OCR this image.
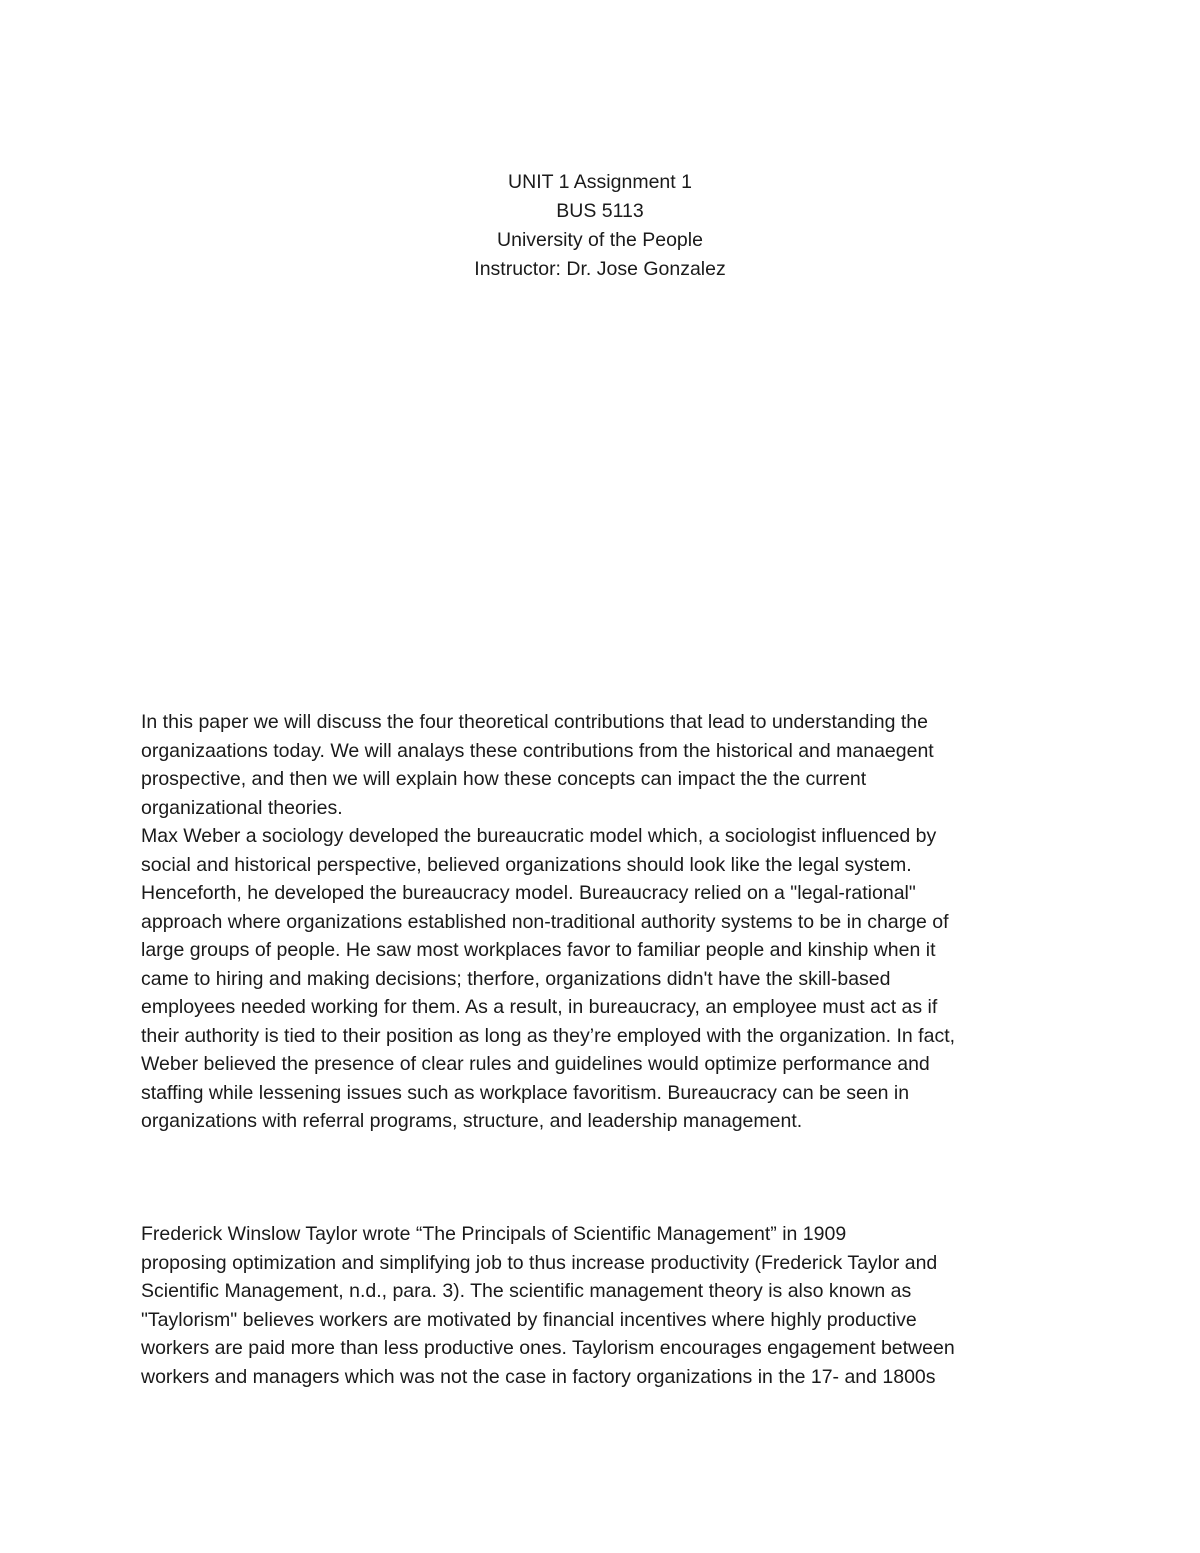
UNIT 1 Assignment 1
BUS 5113
University of the People
Instructor: Dr. Jose Gonzalez

In this paper we will discuss the four theoretical contributions that lead to understanding the
organizaations today. We will analays these contributions from the historical and manaegent
prospective, and then we will explain how these concepts can impact the the current
organizational theories.

Max Weber a sociology developed the bureaucratic model which, a sociologist influenced by
social and historical perspective, believed organizations should look like the legal system.
Henceforth, he developed the bureaucracy model. Bureaucracy relied on a "legal-rational"
approach where organizations established non-traditional authority systems to be in charge of
large groups of people. He saw most workplaces favor to familiar people and kinship when it
came to hiring and making decisions; therfore, organizations didn't have the skill-based
employees needed working for them. As a result, in bureaucracy, an employee must act as if
their authority is tied to their position as long as they’re employed with the organization. In fact,
Weber believed the presence of clear rules and guidelines would optimize performance and
staffing while lessening issues such as workplace favoritism. Bureaucracy can be seen in
organizations with referral programs, structure, and leadership management.

Frederick Winslow Taylor wrote “The Principals of Scientific Management” in 1909
proposing optimization and simplifying job to thus increase productivity (Frederick Taylor and
Scientific Management, n.d., para. 3). The scientific management theory is also known as
"Taylorism" believes workers are motivated by financial incentives where highly productive
workers are paid more than less productive ones. Taylorism encourages engagement between
workers and managers which was not the case in factory organizations in the 17- and 1800s
